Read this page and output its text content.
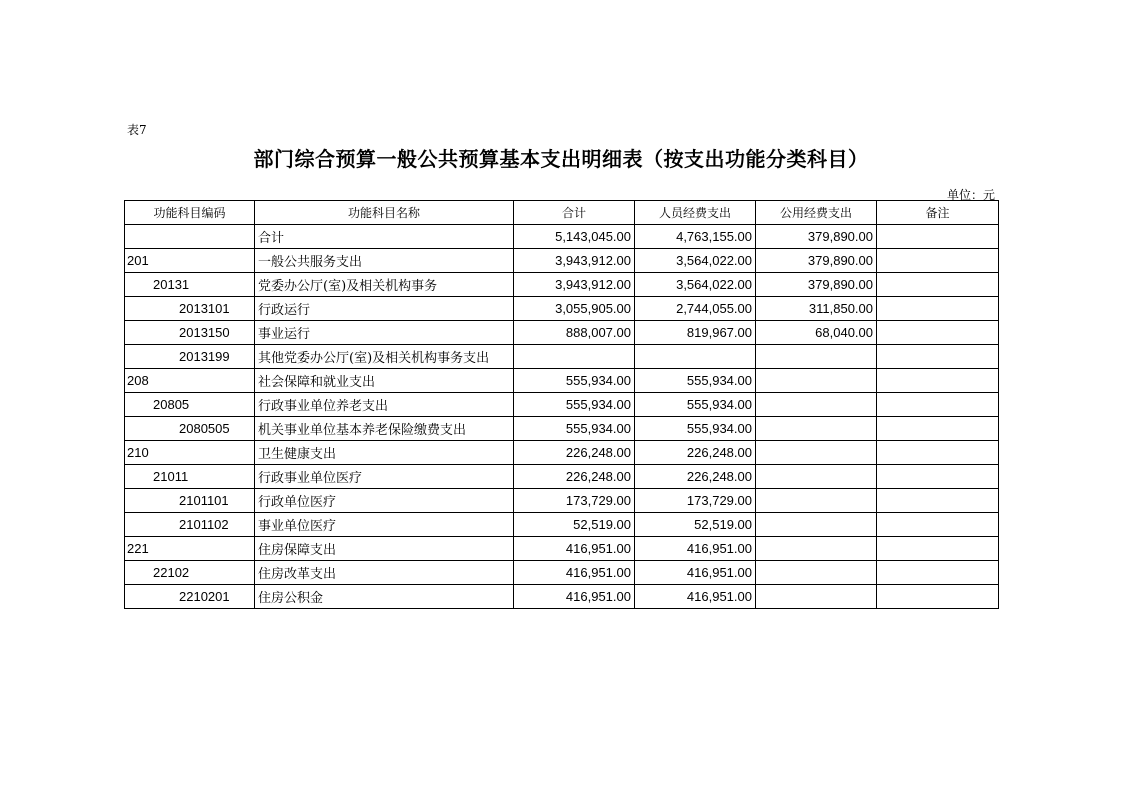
表7
部门综合预算一般公共预算基本支出明细表（按支出功能分类科目）
单位：元
功能科目编码	功能科目名称	合计	人员经费支出	公用经费支出	备注
	合计	5,143,045.00	4,763,155.00	379,890.00	
201	一般公共服务支出	3,943,912.00	3,564,022.00	379,890.00	
20131	党委办公厅(室)及相关机构事务	3,943,912.00	3,564,022.00	379,890.00	
2013101	行政运行	3,055,905.00	2,744,055.00	311,850.00	
2013150	事业运行	888,007.00	819,967.00	68,040.00	
2013199	其他党委办公厅(室)及相关机构事务支出				
208	社会保障和就业支出	555,934.00	555,934.00		
20805	行政事业单位养老支出	555,934.00	555,934.00		
2080505	机关事业单位基本养老保险缴费支出	555,934.00	555,934.00		
210	卫生健康支出	226,248.00	226,248.00		
21011	行政事业单位医疗	226,248.00	226,248.00		
2101101	行政单位医疗	173,729.00	173,729.00		
2101102	事业单位医疗	52,519.00	52,519.00		
221	住房保障支出	416,951.00	416,951.00		
22102	住房改革支出	416,951.00	416,951.00		
2210201	住房公积金	416,951.00	416,951.00		
